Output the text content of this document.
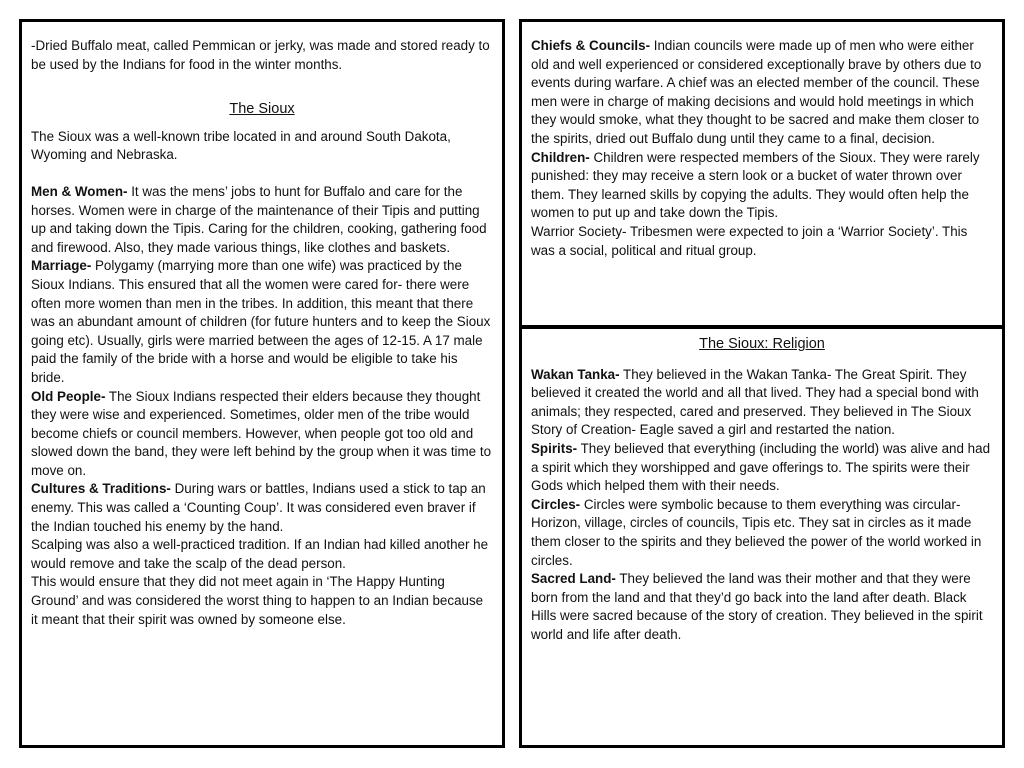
-Dried Buffalo meat, called Pemmican or jerky, was made and stored ready to be used by the Indians for food in the winter months.

The Sioux

The Sioux was a well-known tribe located in and around South Dakota, Wyoming and Nebraska.

Men & Women- It was the mens’ jobs to hunt for Buffalo and care for the horses. Women were in charge of the maintenance of their Tipis and putting up and taking down the Tipis. Caring for the children, cooking, gathering food and firewood. Also, they made various things, like clothes and baskets.

Marriage- Polygamy (marrying more than one wife) was practiced by the Sioux Indians. This ensured that all the women were cared for- there were often more women than men in the tribes. In addition, this meant that there was an abundant amount of children (for future hunters and to keep the Sioux going etc). Usually, girls were married between the ages of 12-15. A 17 male paid the family of the bride with a horse and would be eligible to take his bride.

Old People- The Sioux Indians respected their elders because they thought they were wise and experienced. Sometimes, older men of the tribe would become chiefs or council members. However, when people got too old and slowed down the band, they were left behind by the group when it was time to move on.

Cultures & Traditions- During wars or battles, Indians used a stick to tap an enemy. This was called a ‘Counting Coup’. It was considered even braver if the Indian touched his enemy by the hand.

Scalping was also a well-practiced tradition. If an Indian had killed another he would remove and take the scalp of the dead person.

This would ensure that they did not meet again in ‘The Happy Hunting Ground’ and was considered the worst thing to happen to an Indian because it meant that their spirit was owned by someone else.

Chiefs & Councils- Indian councils were made up of men who were either old and well experienced or considered exceptionally brave by others due to events during warfare. A chief was an elected member of the council. These men were in charge of making decisions and would hold meetings in which they would smoke, what they thought to be sacred and make them closer to the spirits, dried out Buffalo dung until they came to a final, decision.

Children- Children were respected members of the Sioux. They were rarely punished: they may receive a stern look or a bucket of water thrown over them. They learned skills by copying the adults. They would often help the women to put up and take down the Tipis.

Warrior Society- Tribesmen were expected to join a ‘Warrior Society’. This was a social, political and ritual group.

The Sioux: Religion

Wakan Tanka- They believed in the Wakan Tanka- The Great Spirit. They believed it created the world and all that lived. They had a special bond with animals; they respected, cared and preserved. They believed in The Sioux Story of Creation- Eagle saved a girl and restarted the nation.

Spirits- They believed that everything (including the world) was alive and had a spirit which they worshipped and gave offerings to. The spirits were their Gods which helped them with their needs.

Circles- Circles were symbolic because to them everything was circular- Horizon, village, circles of councils, Tipis etc. They sat in circles as it made them closer to the spirits and they believed the power of the world worked in circles.

Sacred Land- They believed the land was their mother and that they were born from the land and that they’d go back into the land after death. Black Hills were sacred because of the story of creation. They believed in the spirit world and life after death.
